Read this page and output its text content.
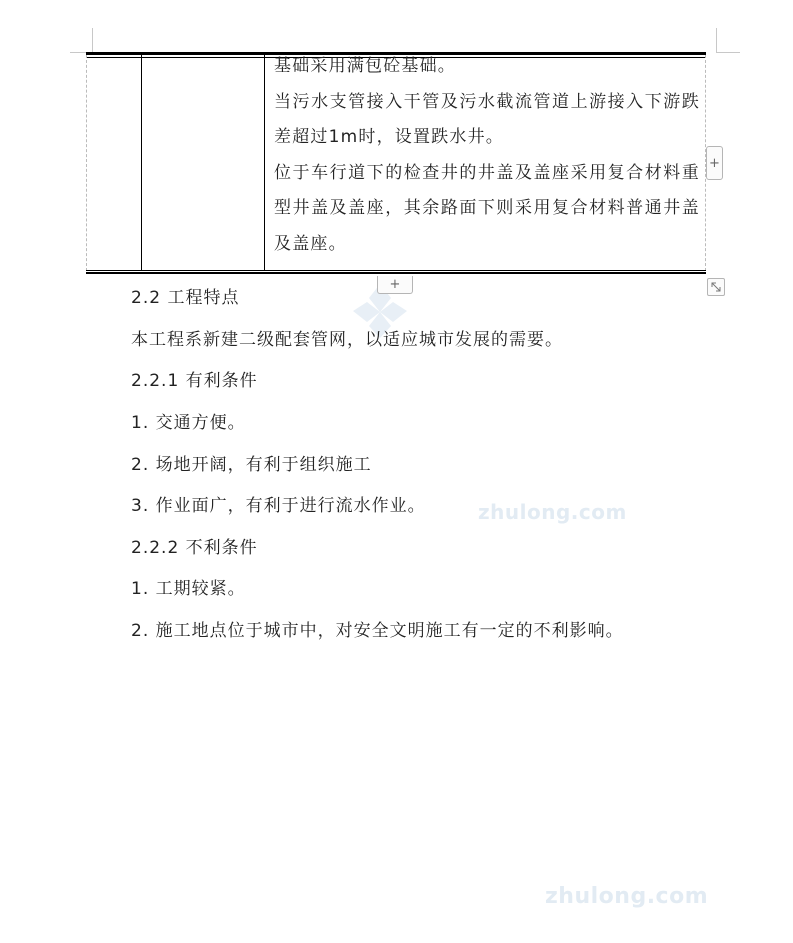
基础采用满包砼基础。

当污水支管接入干管及污水截流管道上游接入下游跌差超过1m时，设置跌水井。

位于车行道下的检查井的井盖及盖座采用复合材料重型井盖及盖座，其余路面下则采用复合材料普通井盖及盖座。

+
+
2.2 工程特点
本工程系新建二级配套管网，以适应城市发展的需要。
2.2.1 有利条件
1. 交通方便。
2. 场地开阔，有利于组织施工
3. 作业面广，有利于进行流水作业。
2.2.2 不利条件
1. 工期较紧。
2. 施工地点位于城市中，对安全文明施工有一定的不利影响。
zhulong.com
zhulong.com
